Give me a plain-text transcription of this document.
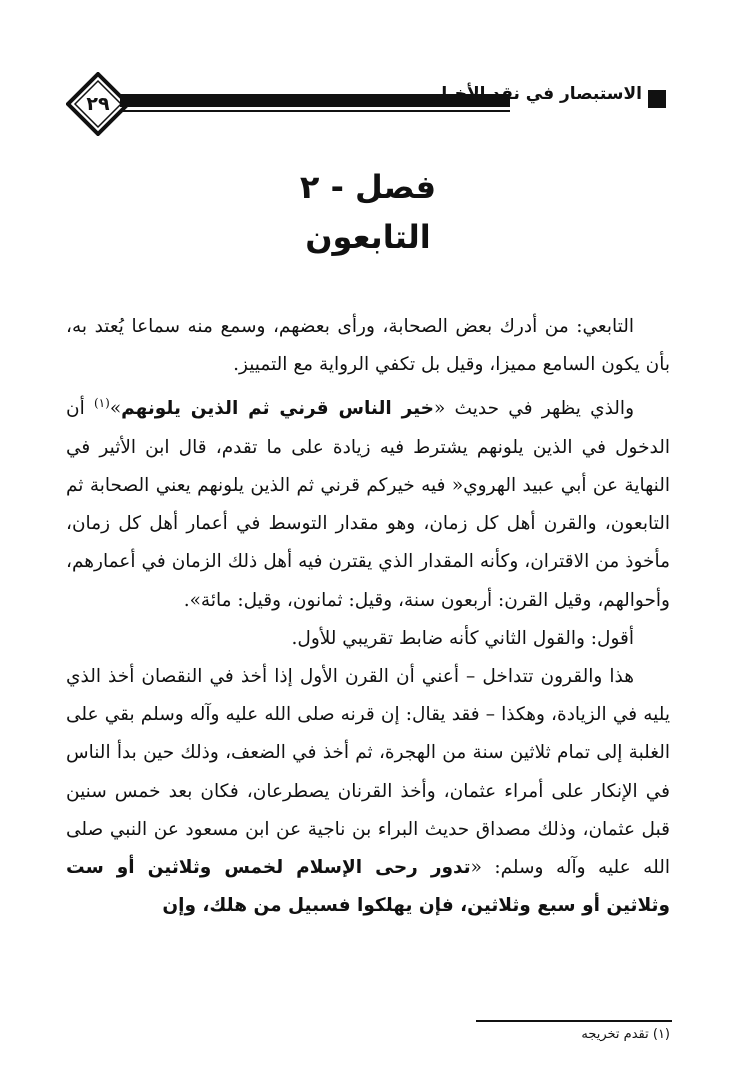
٢٩	الاستبصار في نقد الأخبار
فصل - ٢
التابعون

التابعي: من أدرك بعض الصحابة، ورأى بعضهم، وسمع منه سماعا يُعتد به، بأن يكون السامع مميزا، وقيل بل تكفي الرواية مع التمييز.

والذي يظهر في حديث «خير الناس قرني ثم الذين يلونهم»$^{(١)}$ أن الدخول في الذين يلونهم يشترط فيه زيادة على ما تقدم، قال ابن الأثير في النهاية عن أبي عبيد الهروي« فيه خيركم قرني ثم الذين يلونهم يعني الصحابة ثم التابعون، والقرن أهل كل زمان، وهو مقدار التوسط في أعمار أهل كل زمان، مأخوذ من الاقتران، وكأنه المقدار الذي يقترن فيه أهل ذلك الزمان في أعمارهم، وأحوالهم، وقيل القرن: أربعون سنة، وقيل: ثمانون، وقيل: مائة».

أقول: والقول الثاني كأنه ضابط تقريبي للأول.

هذا والقرون تتداخل – أعني أن القرن الأول إذا أخذ في النقصان أخذ الذي يليه في الزيادة، وهكذا – فقد يقال: إن قرنه صلى الله عليه وآله وسلم بقي على الغلبة إلى تمام ثلاثين سنة من الهجرة، ثم أخذ في الضعف، وذلك حين بدأ الناس في الإنكار على أمراء عثمان، وأخذ القرنان يصطرعان، فكان بعد خمس سنين قبل عثمان، وذلك مصداق حديث البراء بن ناجية عن ابن مسعود عن النبي صلى الله عليه وآله وسلم: «تدور رحى الإسلام لخمس وثلاثين أو ست وثلاثين أو سبع وثلاثين، فإن يهلكوا فسبيل من هلك، وإن

(١) تقدم تخريجه
